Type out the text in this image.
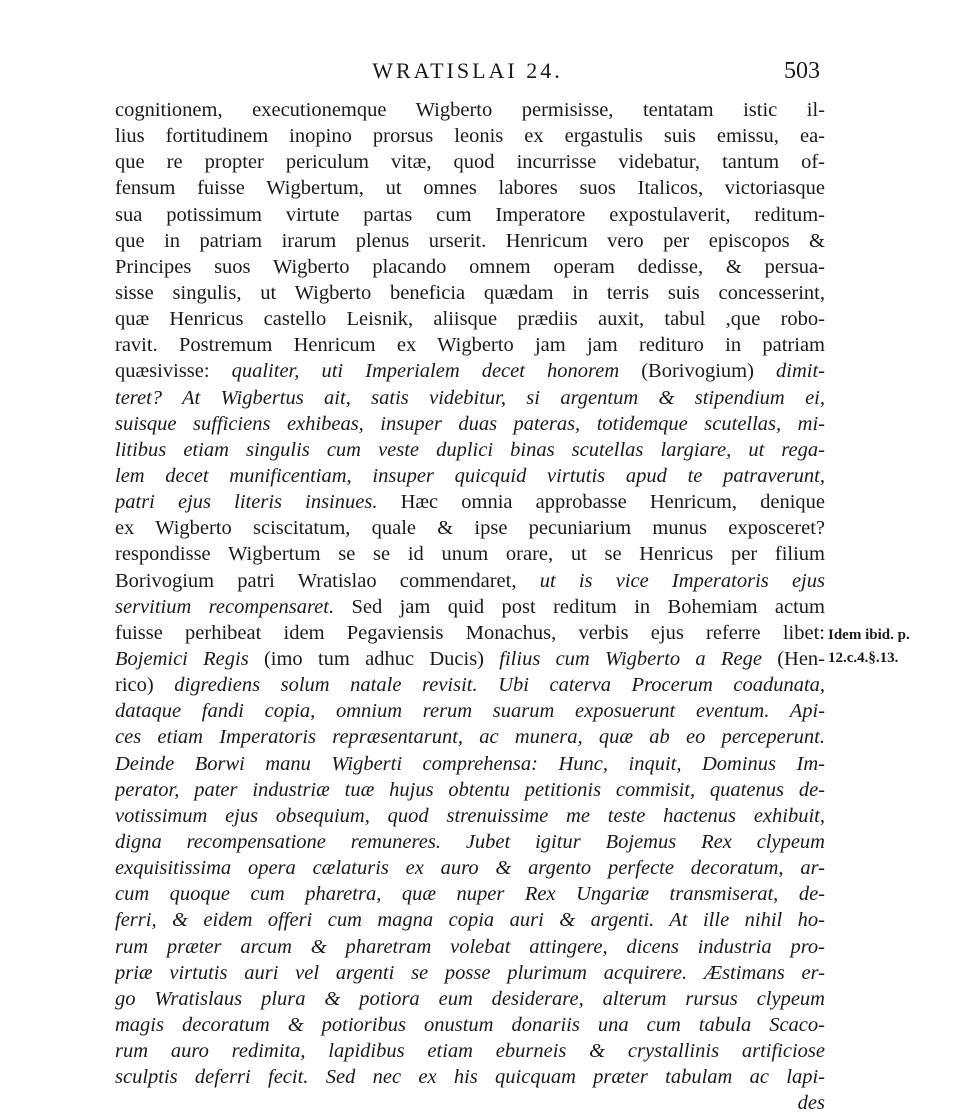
WRATISLAI 24.	503
cognitionem, executionemque Wigberto permisisse, tentatam istic il-
lius fortitudinem inopino prorsus leonis ex ergastulis suis emissu, ea-
que re propter periculum vitæ, quod incurrisse videbatur, tantum of-
fensum fuisse Wigbertum, ut omnes labores suos Italicos, victoriasque
sua potissimum virtute partas cum Imperatore expostulaverit, reditum-
que in patriam irarum plenus urserit. Henricum vero per episcopos &
Principes suos Wigberto placando omnem operam dedisse, & persua-
sisse singulis, ut Wigberto beneficia quædam in terris suis concesserint,
quæ Henricus castello Leisnik, aliisque prædiis auxit, tabul ,que robo-
ravit. Postremum Henricum ex Wigberto jam jam redituro in patriam
quæsivisse: qualiter, uti Imperialem decet honorem (Borivogium) dimit-
teret? At Wigbertus ait, satis videbitur, si argentum & stipendium ei,
suisque sufficiens exhibeas, insuper duas pateras, totidemque scutellas, mi-
litibus etiam singulis cum veste duplici binas scutellas largiare, ut rega-
lem decet munificentiam, insuper quicquid virtutis apud te patraverunt,
patri ejus literis insinues. Hæc omnia approbasse Henricum, denique
ex Wigberto sciscitatum, quale & ipse pecuniarium munus exposceret?
respondisse Wigbertum se se id unum orare, ut se Henricus per filium
Borivogium patri Wratislao commendaret, ut is vice Imperatoris ejus
servitium recompensaret. Sed jam quid post reditum in Bohemiam actum
fuisse perhibeat idem Pegaviensis Monachus, verbis ejus referre libet:
Bojemici Regis (imo tum adhuc Ducis) filius cum Wigberto a Rege (Hen-
rico) digrediens solum natale revisit. Ubi caterva Procerum coadunata,
dataque fandi copia, omnium rerum suarum exposuerunt eventum. Api-
ces etiam Imperatoris repræsentarunt, ac munera, quæ ab eo perceperunt.
Deinde Borwi manu Wigberti comprehensa: Hunc, inquit, Dominus Im-
perator, pater industriæ tuæ hujus obtentu petitionis commisit, quatenus de-
votissimum ejus obsequium, quod strenuissime me teste hactenus exhibuit,
digna recompensatione remuneres. Jubet igitur Bojemus Rex clypeum
exquisitissima opera cælaturis ex auro & argento perfecte decoratum, ar-
cum quoque cum pharetra, quæ nuper Rex Ungariæ transmiserat, de-
ferri, & eidem offeri cum magna copia auri & argenti. At ille nihil ho-
rum præter arcum & pharetram volebat attingere, dicens industria pro-
priæ virtutis auri vel argenti se posse plurimum acquirere. Æstimans er-
go Wratislaus plura & potiora eum desiderare, alterum rursus clypeum
magis decoratum & potioribus onustum donariis una cum tabula Scaco-
rum auro redimita, lapidibus etiam eburneis & crystallinis artificiose
sculptis deferri fecit. Sed nec ex his quicquam præter tabulam ac lapi-
des
Idem ibid. p.
12.c.4.§.13.
